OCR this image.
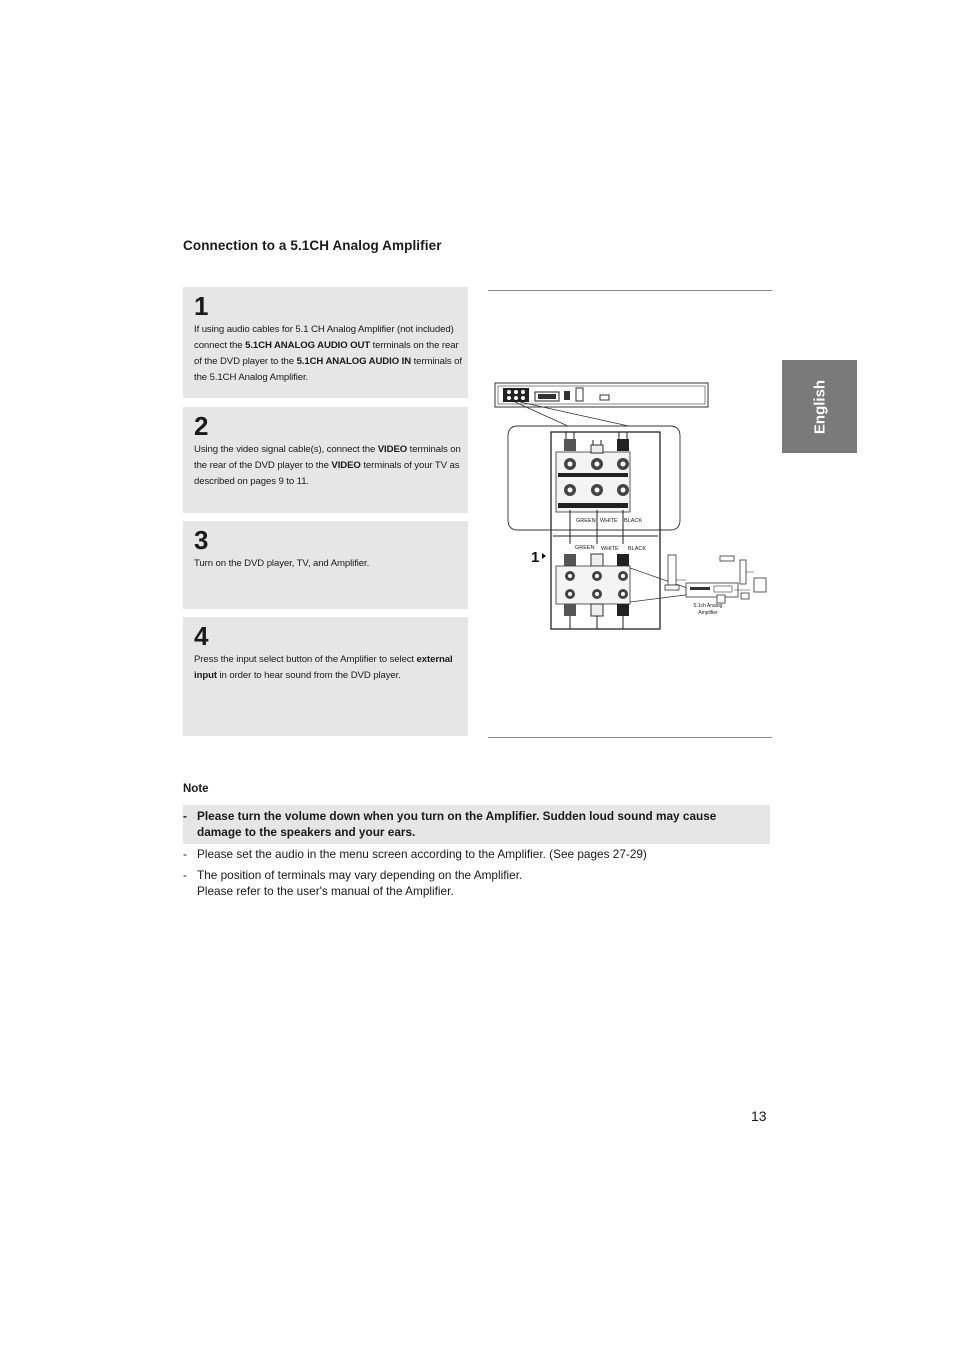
Connection to a 5.1CH Analog Amplifier
English
1
If using audio cables for 5.1 CH Analog Amplifier (not included) connect the 5.1CH ANALOG AUDIO OUT terminals on the rear of the DVD player to the 5.1CH ANALOG AUDIO IN terminals of the 5.1CH Analog Amplifier.
2
Using the video signal cable(s), connect the VIDEO terminals on the rear of the DVD player to the VIDEO terminals of your TV as described on pages 9 to 11.
3
Turn on the DVD player, TV, and Amplifier.
4
Press the input select button of the Amplifier to select external input in order to hear sound from the DVD player.
GREEN WHITE BLACK
GREEN WHITE BLACK
1
5.1ch Analog
Amplifier
Note
- Please turn the volume down when you turn on the Amplifier. Sudden loud sound may cause damage to the speakers and your ears.
- Please set the audio in the menu screen according to the Amplifier. (See pages 27-29)
- The position of terminals may vary depending on the Amplifier.
Please refer to the user's manual of the Amplifier.
13
